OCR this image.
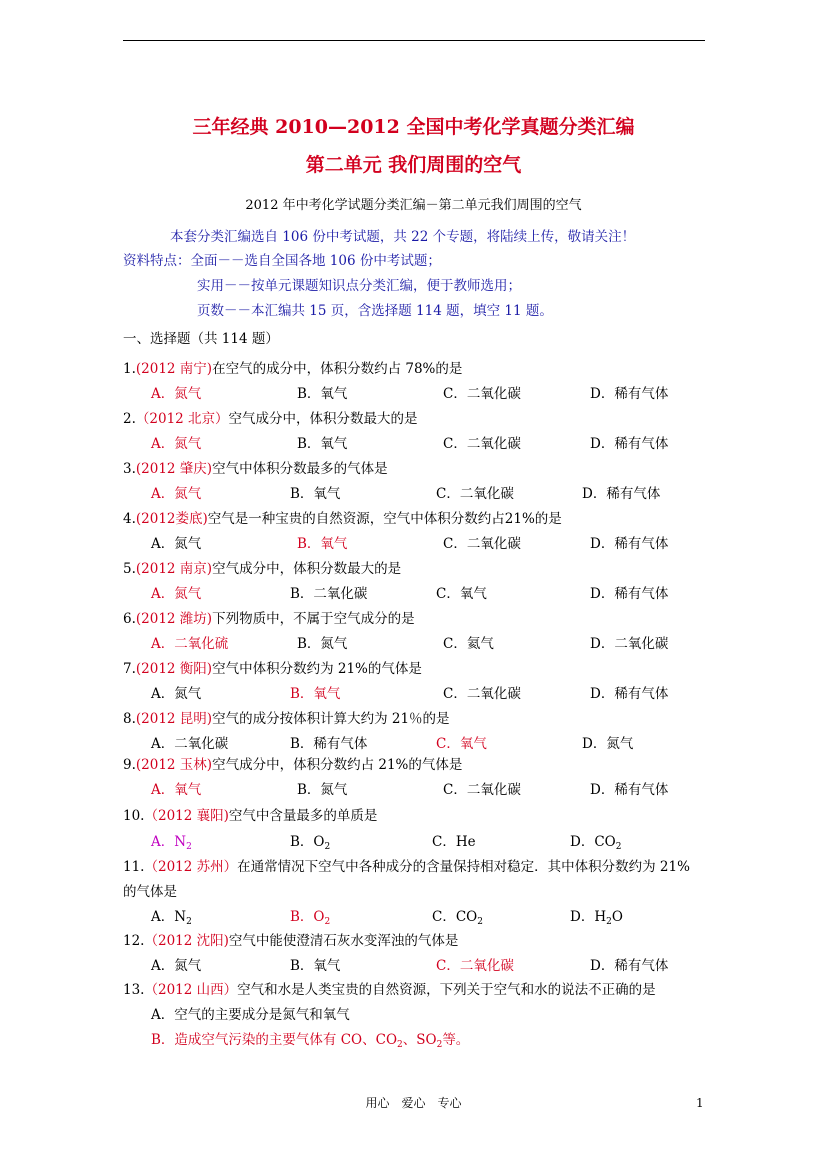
三年经典 2010—2012 全国中考化学真题分类汇编
第二单元 我们周围的空气
2012 年中考化学试题分类汇编－第二单元我们周围的空气
本套分类汇编选自 106 份中考试题，共 22 个专题，将陆续上传，敬请关注！
资料特点：全面－－选自全国各地 106 份中考试题；
实用－－按单元课题知识点分类汇编，便于教师选用；
页数－－本汇编共 15 页，含选择题 114 题，填空 11 题。
一、选择题（共 114 题）
1.(2012 南宁)在空气的成分中，体积分数约占 78%的是
A．氮气	B．氧气	C．二氧化碳	D．稀有气体
2.（2012 北京）空气成分中，体积分数最大的是
A．氮气	B．氧气	C．二氧化碳	D．稀有气体
3.(2012 肇庆)空气中体积分数最多的气体是
A．氮气	B．氧气	C．二氧化碳	D．稀有气体
4.(2012娄底)空气是一种宝贵的自然资源，空气中体积分数约占21%的是
A．氮气	B．氧气	C．二氧化碳	D．稀有气体
5.(2012 南京)空气成分中，体积分数最大的是
A．氮气	B．二氧化碳	C．氧气	D．稀有气体
6.(2012 潍坊)下列物质中，不属于空气成分的是
A．二氧化硫	B．氮气	C．氦气	D．二氧化碳
7.(2012 衡阳)空气中体积分数约为 21%的气体是
A．氮气	B．氧气	C．二氧化碳	D．稀有气体
8.(2012 昆明)空气的成分按体积计算大约为 21％的是
A．二氧化碳	B．稀有气体	C．氧气	D．氮气
9.(2012 玉林)空气成分中，体积分数约占 21%的气体是
A．氧气	B．氮气	C．二氧化碳	D．稀有气体
10.（2012 襄阳)空气中含量最多的单质是
A．$N_2$	B．$O_2$	C．He	D．$CO_2$
11.（2012 苏州）在通常情况下空气中各种成分的含量保持相对稳定．其中体积分数约为 21%
的气体是
A．$N_2$	B．$O_2$	C．$CO_2$	D．$H_2O$
12.（2012 沈阳)空气中能使澄清石灰水变浑浊的气体是
A．氮气	B．氧气	C．二氧化碳	D．稀有气体
13.（2012 山西）空气和水是人类宝贵的自然资源，下列关于空气和水的说法不正确的是
A．空气的主要成分是氮气和氧气
B．造成空气污染的主要气体有 CO、$CO_2$、$SO_2$等。
用心　爱心　专心	1
